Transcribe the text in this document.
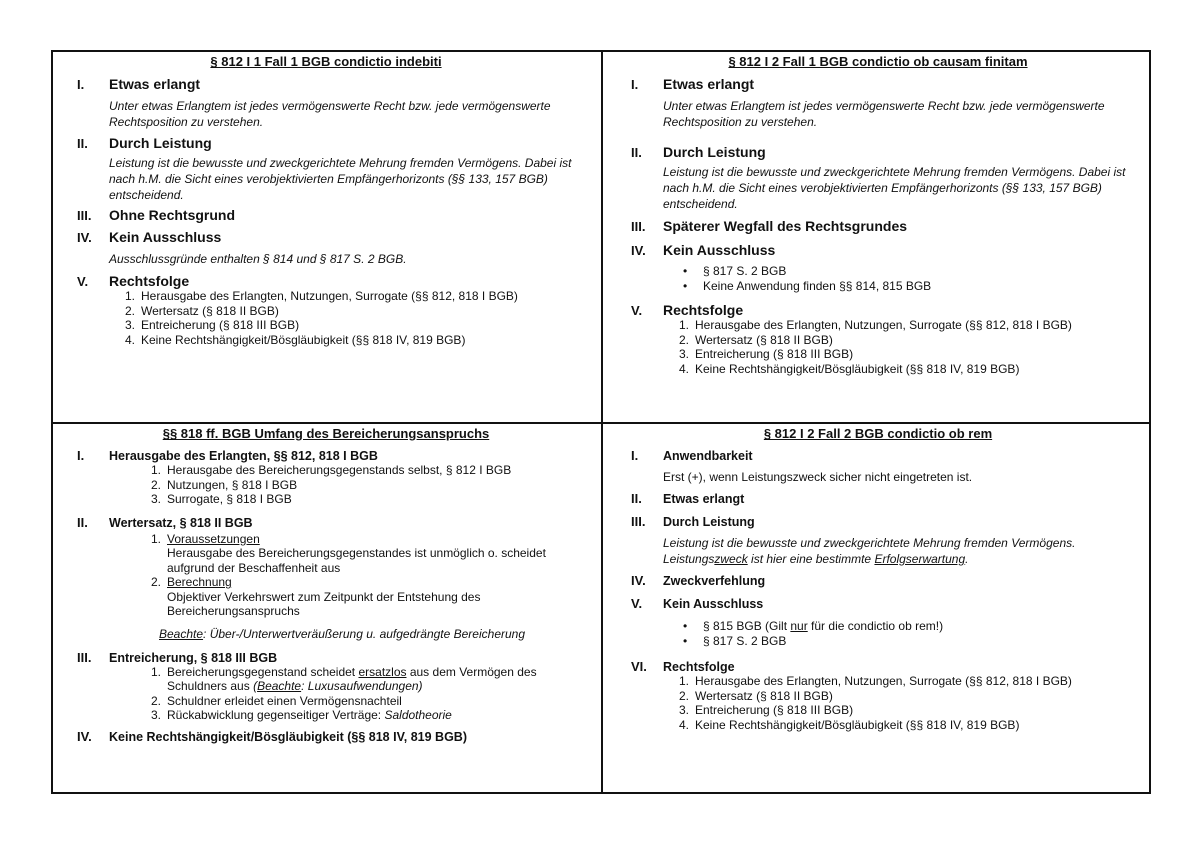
§ 812 I 1 Fall 1 BGB condictio indebiti
I.	Etwas erlangt
Unter etwas Erlangtem ist jedes vermögenswerte Recht bzw. jede vermögenswerte Rechtsposition zu verstehen.
II.	Durch Leistung
Leistung ist die bewusste und zweckgerichtete Mehrung fremden Vermögens. Dabei ist nach h.M. die Sicht eines verobjektivierten Empfängerhorizonts (§§ 133, 157 BGB) entscheidend.
III.	Ohne Rechtsgrund
IV.	Kein Ausschluss
Ausschlussgründe enthalten § 814 und § 817 S. 2 BGB.
V.	Rechtsfolge
1. Herausgabe des Erlangten, Nutzungen, Surrogate (§§ 812, 818 I BGB)
2. Wertersatz (§ 818 II BGB)
3. Entreicherung (§ 818 III BGB)
4. Keine Rechtshängigkeit/Bösgläubigkeit (§§ 818 IV, 819 BGB)
§ 812 I 2 Fall 1 BGB condictio ob causam finitam
I.	Etwas erlangt
Unter etwas Erlangtem ist jedes vermögenswerte Recht bzw. jede vermögenswerte Rechtsposition zu verstehen.
II.	Durch Leistung
Leistung ist die bewusste und zweckgerichtete Mehrung fremden Vermögens. Dabei ist nach h.M. die Sicht eines verobjektivierten Empfängerhorizonts (§§ 133, 157 BGB) entscheidend.
III.	Späterer Wegfall des Rechtsgrundes
IV.	Kein Ausschluss
•	§ 817 S. 2 BGB
•	Keine Anwendung finden §§ 814, 815 BGB
V.	Rechtsfolge
1. Herausgabe des Erlangten, Nutzungen, Surrogate (§§ 812, 818 I BGB)
2. Wertersatz (§ 818 II BGB)
3. Entreicherung (§ 818 III BGB)
4. Keine Rechtshängigkeit/Bösgläubigkeit (§§ 818 IV, 819 BGB)
§§ 818 ff. BGB Umfang des Bereicherungsanspruchs
I.	Herausgabe des Erlangten, §§ 812, 818 I BGB
1. Herausgabe des Bereicherungsgegenstands selbst, § 812 I BGB
2. Nutzungen, § 818 I BGB
3. Surrogate, § 818 I BGB
II.	Wertersatz, § 818 II BGB
1. Voraussetzungen
Herausgabe des Bereicherungsgegenstandes ist unmöglich o. scheidet aufgrund der Beschaffenheit aus
2. Berechnung
Objektiver Verkehrswert zum Zeitpunkt der Entstehung des Bereicherungsanspruchs
Beachte: Über-/Unterwertveräußerung u. aufgedrängte Bereicherung
III.	Entreicherung, § 818 III BGB
1. Bereicherungsgegenstand scheidet ersatzlos aus dem Vermögen des Schuldners aus (Beachte: Luxusaufwendungen)
2. Schuldner erleidet einen Vermögensnachteil
3. Rückabwicklung gegenseitiger Verträge: Saldotheorie
IV.	Keine Rechtshängigkeit/Bösgläubigkeit (§§ 818 IV, 819 BGB)
§ 812 I 2 Fall 2 BGB condictio ob rem
I.	Anwendbarkeit
Erst (+), wenn Leistungszweck sicher nicht eingetreten ist.
II.	Etwas erlangt
III.	Durch Leistung
Leistung ist die bewusste und zweckgerichtete Mehrung fremden Vermögens. Leistungszweck ist hier eine bestimmte Erfolgserwartung.
IV.	Zweckverfehlung
V.	Kein Ausschluss
•	§ 815 BGB (Gilt nur für die condictio ob rem!)
•	§ 817 S. 2 BGB
VI.	Rechtsfolge
1. Herausgabe des Erlangten, Nutzungen, Surrogate (§§ 812, 818 I BGB)
2. Wertersatz (§ 818 II BGB)
3. Entreicherung (§ 818 III BGB)
4. Keine Rechtshängigkeit/Bösgläubigkeit (§§ 818 IV, 819 BGB)
